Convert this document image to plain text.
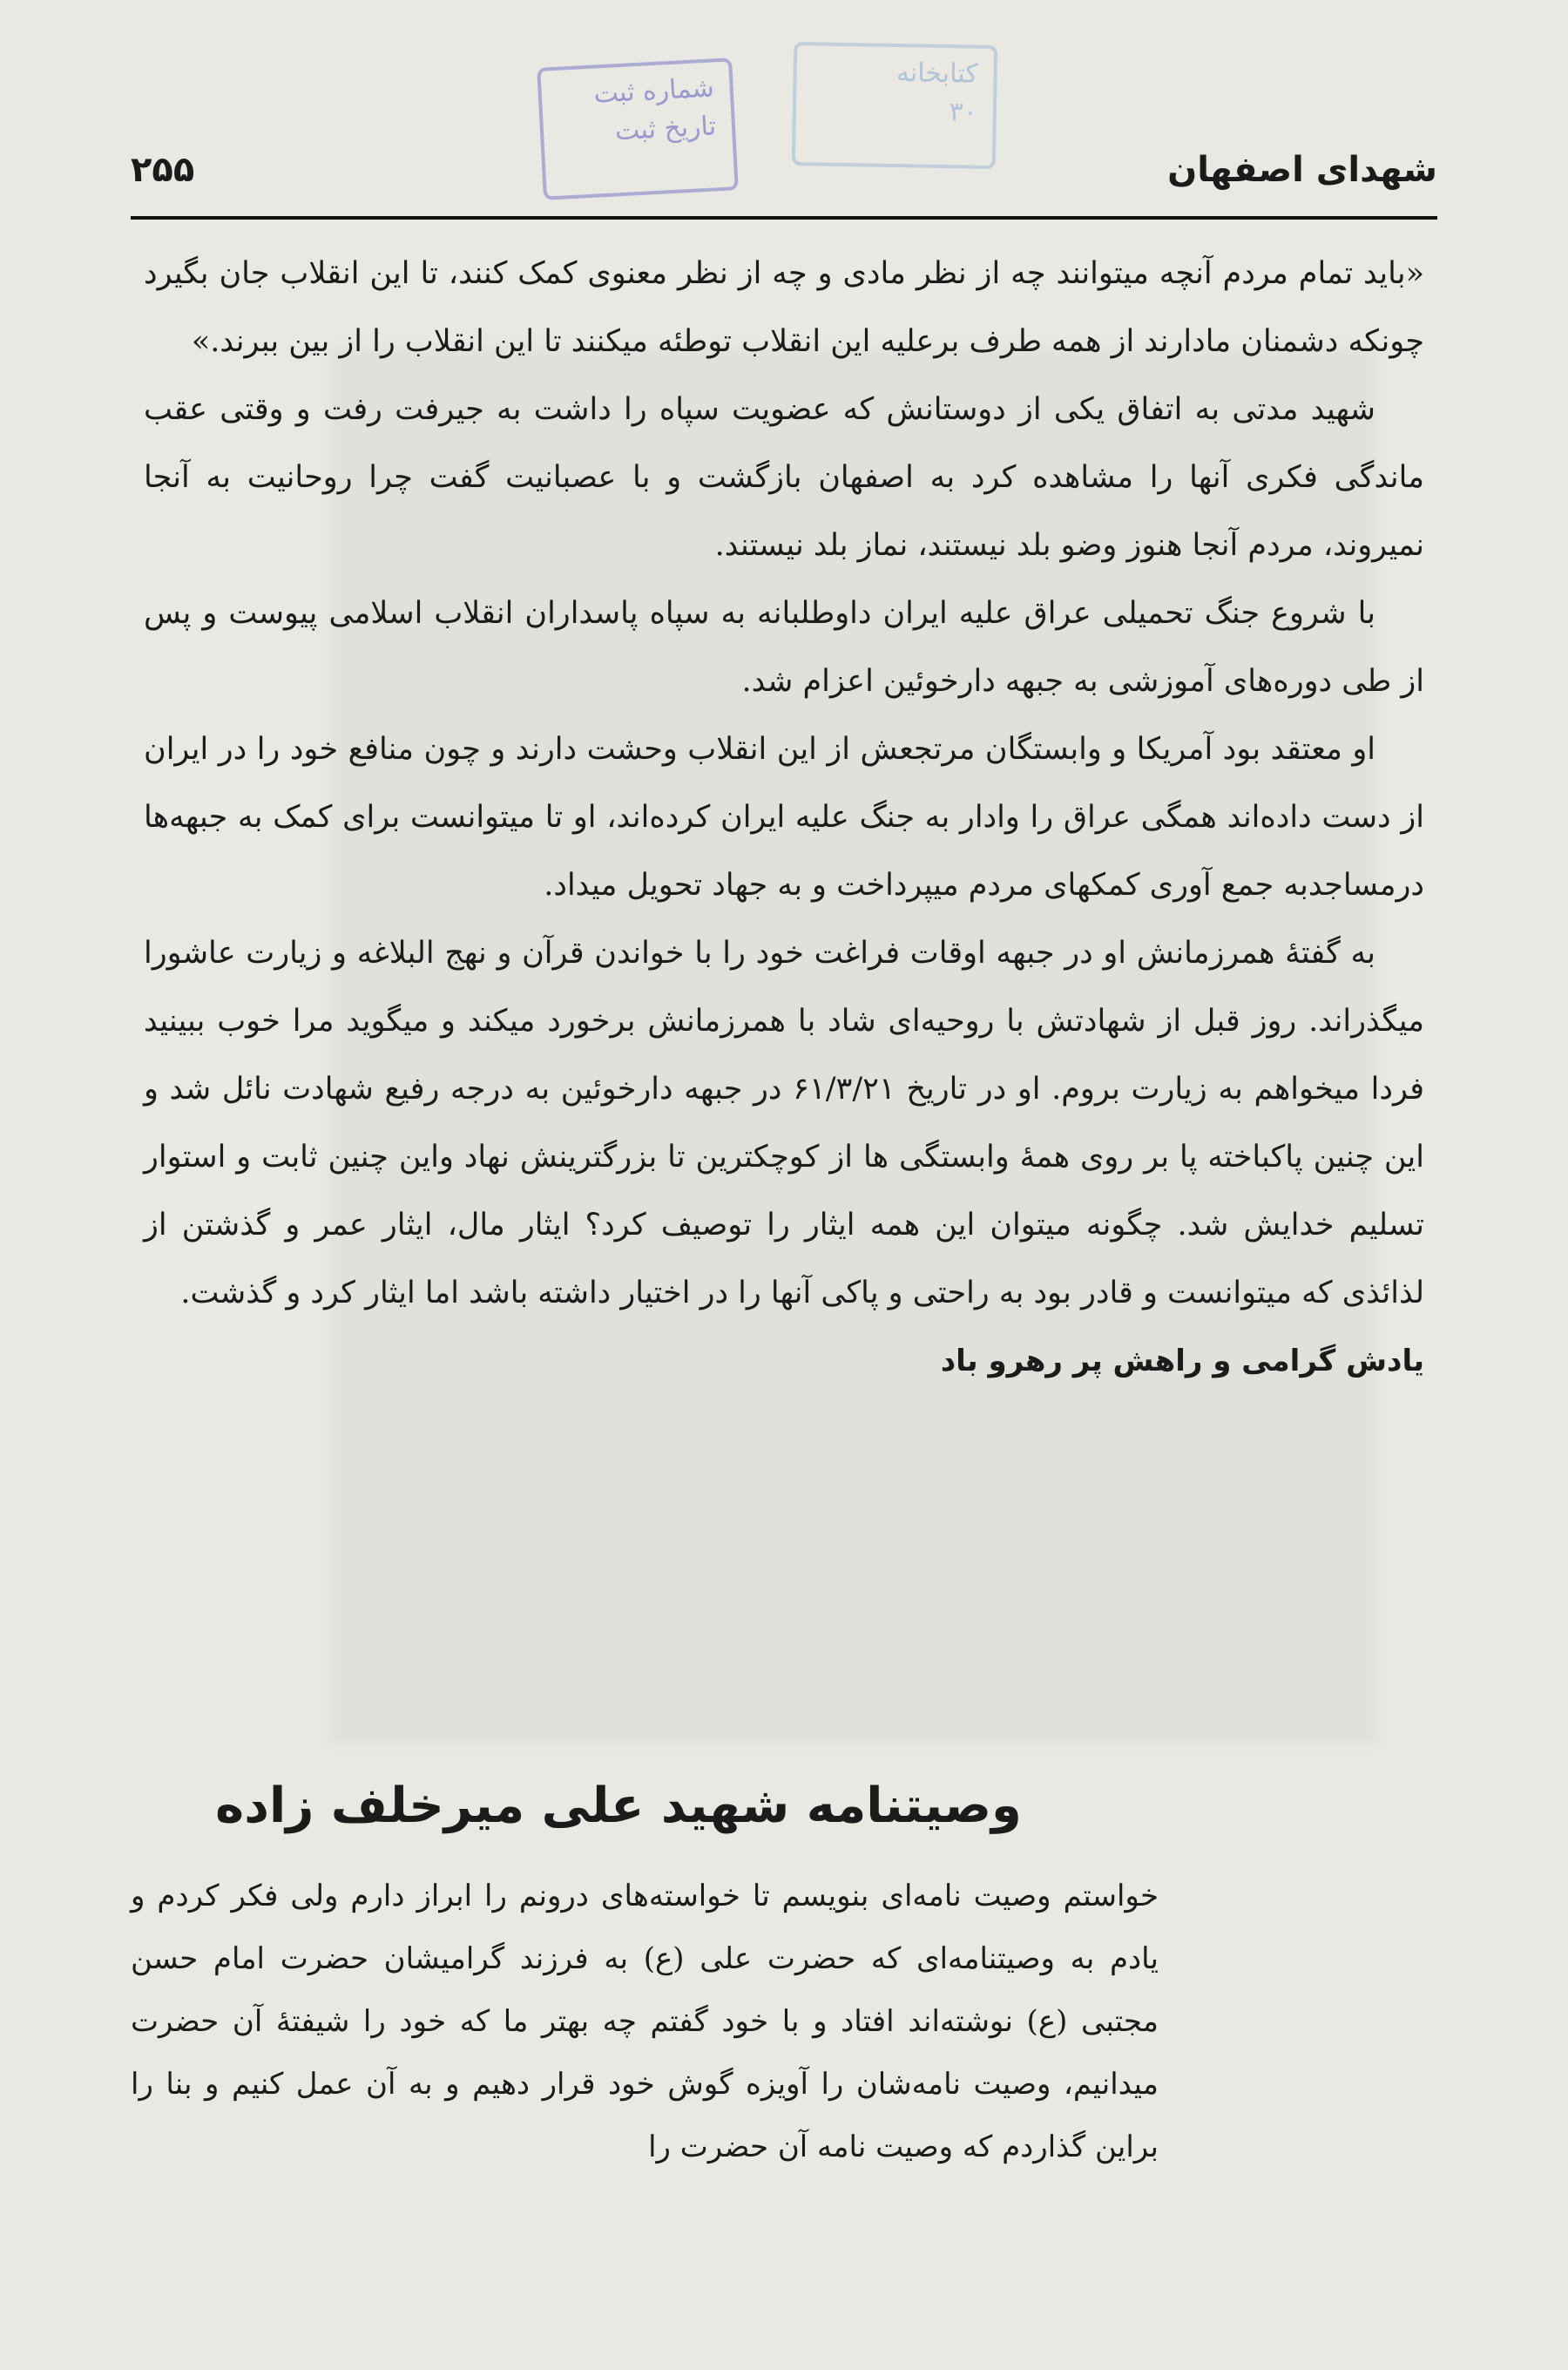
شماره ثبت
تاریخ ثبت
کتابخانه
۳۰
۲۵۵	شهدای اصفهان

«باید تمام مردم آنچه میتوانند چه از نظر مادی و چه از نظر معنوی کمک کنند، تا این انقلاب جان بگیرد چونکه دشمنان مادارند از همه طرف برعلیه این انقلاب توطئه میکنند تا این انقلاب را از بین ببرند.»

شهید مدتی به اتفاق یکی از دوستانش که عضویت سپاه را داشت به جیرفت رفت و وقتی عقب ماندگی فکری آنها را مشاهده کرد به اصفهان بازگشت و با عصبانیت گفت چرا روحانیت به آنجا نمیروند، مردم آنجا هنوز وضو بلد نیستند، نماز بلد نیستند.

با شروع جنگ تحمیلی عراق علیه ایران داوطلبانه به سپاه پاسداران انقلاب اسلامی پیوست و پس از طی دوره‌های آموزشی به جبهه دارخوئین اعزام شد.

او معتقد بود آمریکا و وابستگان مرتجعش از این انقلاب وحشت دارند و چون منافع خود را در ایران از دست داده‌اند همگی عراق را وادار به جنگ علیه ایران کرده‌اند، او تا میتوانست برای کمک به جبهه‌ها درمساجدبه جمع آوری کمکهای مردم میپرداخت و به جهاد تحویل میداد.

به گفتهٔ همرزمانش او در جبهه اوقات فراغت خود را با خواندن قرآن و نهج البلاغه و زیارت عاشورا میگذراند. روز قبل از شهادتش با روحیه‌ای شاد با همرزمانش برخورد میکند و میگوید مرا خوب ببینید فردا میخواهم به زیارت بروم. او در تاریخ ۶۱/۳/۲۱ در جبهه دارخوئین به درجه رفیع شهادت نائل شد و این چنین پاکباخته پا بر روی همهٔ وابستگی ها از کوچکترین تا بزرگترینش نهاد واین چنین ثابت و استوار تسلیم خدایش شد. چگونه میتوان این همه ایثار را توصیف کرد؟ ایثار مال، ایثار عمر و گذشتن از لذائذی که میتوانست و قادر بود به راحتی و پاکی آنها را در اختیار داشته باشد اما ایثار کرد و گذشت.

یادش گرامی و راهش پر رهرو باد

وصیتنامه شهید علی میرخلف زاده

خواستم وصیت نامه‌ای بنویسم تا خواسته‌های درونم را ابراز دارم ولی فکر کردم و یادم به وصیتنامه‌ای که حضرت علی (ع) به فرزند گرامیشان حضرت امام حسن مجتبی (ع) نوشته‌اند افتاد و با خود گفتم چه بهتر ما که خود را شیفتهٔ آن حضرت میدانیم، وصیت نامه‌شان را آویزه گوش خود قرار دهیم و به آن عمل کنیم و بنا را براین گذاردم که وصیت نامه آن حضرت را
